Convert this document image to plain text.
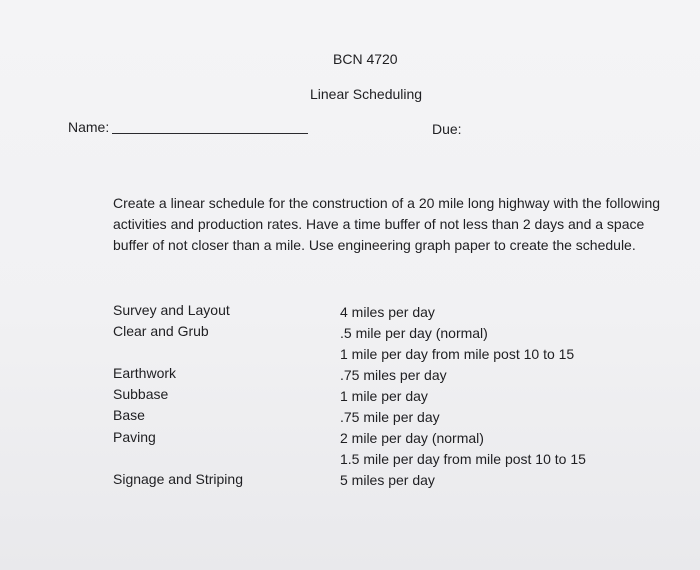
BCN 4720
Linear Scheduling
Name:	Due:

Create a linear schedule for the construction of a 20 mile long highway with the following activities and production rates. Have a time buffer of not less than 2 days and a space buffer of not closer than a mile. Use engineering graph paper to create the schedule.

Survey and Layout
Clear and Grub
Earthwork
Subbase
Base
Paving
Signage and Striping
4 miles per day
.5 mile per day (normal)
1 mile per day from mile post 10 to 15
.75 miles per day
1 mile per day
.75 mile per day
2 mile per day (normal)
1.5 mile per day from mile post 10 to 15
5 miles per day
